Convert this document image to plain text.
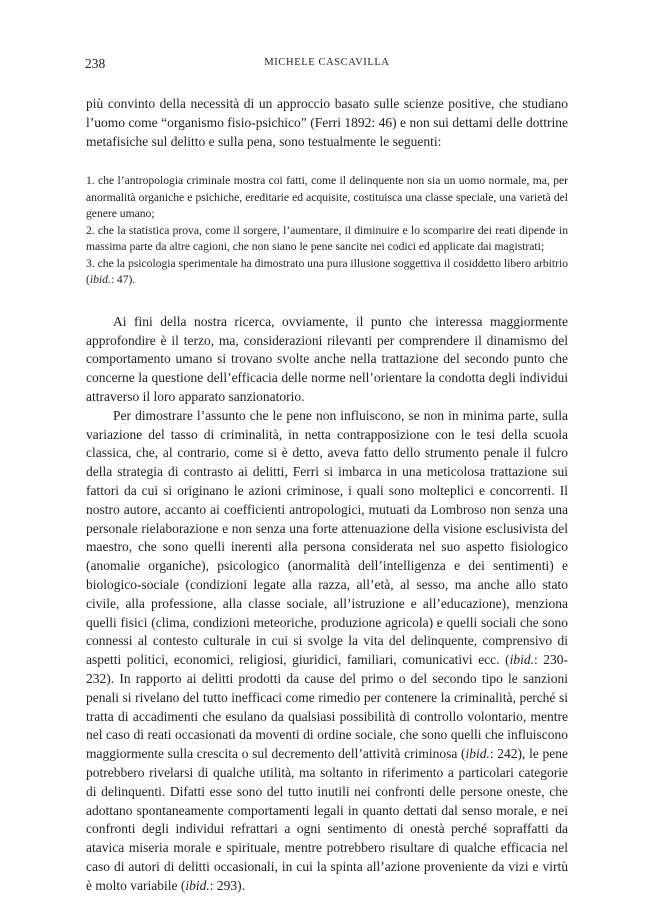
238	MICHELE CASCAVILLA

più convinto della necessità di un approccio basato sulle scienze positive, che studiano l’uomo come “organismo fisio-psichico” (Ferri 1892: 46) e non sui dettami delle dottrine metafisiche sul delitto e sulla pena, sono testualmente le seguenti:

1. che l’antropologia criminale mostra coi fatti, come il delinquente non sia un uomo normale, ma, per anormalità organiche e psichiche, ereditarie ed acquisite, costituisca una classe speciale, una varietà del genere umano;

2. che la statistica prova, come il sorgere, l’aumentare, il diminuire e lo scomparire dei reati dipende in massima parte da altre cagioni, che non siano le pene sancite nei codici ed applicate dai magistrati;

3. che la psicologia sperimentale ha dimostrato una pura illusione soggettiva il cosiddetto libero arbitrio (ibid.: 47).

Ai fini della nostra ricerca, ovviamente, il punto che interessa maggiormente approfondire è il terzo, ma, considerazioni rilevanti per comprendere il dinamismo del comportamento umano si trovano svolte anche nella trattazione del secondo punto che concerne la questione dell’efficacia delle norme nell’orientare la condotta degli individui attraverso il loro apparato sanzionatorio.

Per dimostrare l’assunto che le pene non influiscono, se non in minima parte, sulla variazione del tasso di criminalità, in netta contrapposizione con le tesi della scuola classica, che, al contrario, come si è detto, aveva fatto dello strumento penale il fulcro della strategia di contrasto ai delitti, Ferri si imbarca in una meticolosa trattazione sui fattori da cui si originano le azioni criminose, i quali sono molteplici e concorrenti. Il nostro autore, accanto ai coefficienti antropologici, mutuati da Lombroso non senza una personale rielaborazione e non senza una forte attenuazione della visione esclusivista del maestro, che sono quelli inerenti alla persona considerata nel suo aspetto fisiologico (anomalie organiche), psicologico (anormalità dell’intelligenza e dei sentimenti) e biologico-sociale (condizioni legate alla razza, all’età, al sesso, ma anche allo stato civile, alla professione, alla classe sociale, all’istruzione e all’educazione), menziona quelli fisici (clima, condizioni meteoriche, produzione agricola) e quelli sociali che sono connessi al contesto culturale in cui si svolge la vita del delinquente, comprensivo di aspetti politici, economici, religiosi, giuridici, familiari, comunicativi ecc. (ibid.: 230-232). In rapporto ai delitti prodotti da cause del primo o del secondo tipo le sanzioni penali si rivelano del tutto inefficaci come rimedio per contenere la criminalità, perché si tratta di accadimenti che esulano da qualsiasi possibilità di controllo volontario, mentre nel caso di reati occasionati da moventi di ordine sociale, che sono quelli che influiscono maggiormente sulla crescita o sul decremento dell’attività criminosa (ibid.: 242), le pene potrebbero rivelarsi di qualche utilità, ma soltanto in riferimento a particolari categorie di delinquenti. Difatti esse sono del tutto inutili nei confronti delle persone oneste, che adottano spontaneamente comportamenti legali in quanto dettati dal senso morale, e nei confronti degli individui refrattari a ogni sentimento di onestà perché sopraffatti da atavica miseria morale e spirituale, mentre potrebbero risultare di qualche efficacia nel caso di autori di delitti occasionali, in cui la spinta all’azione proveniente da vizi e virtù è molto variabile (ibid.: 293).
